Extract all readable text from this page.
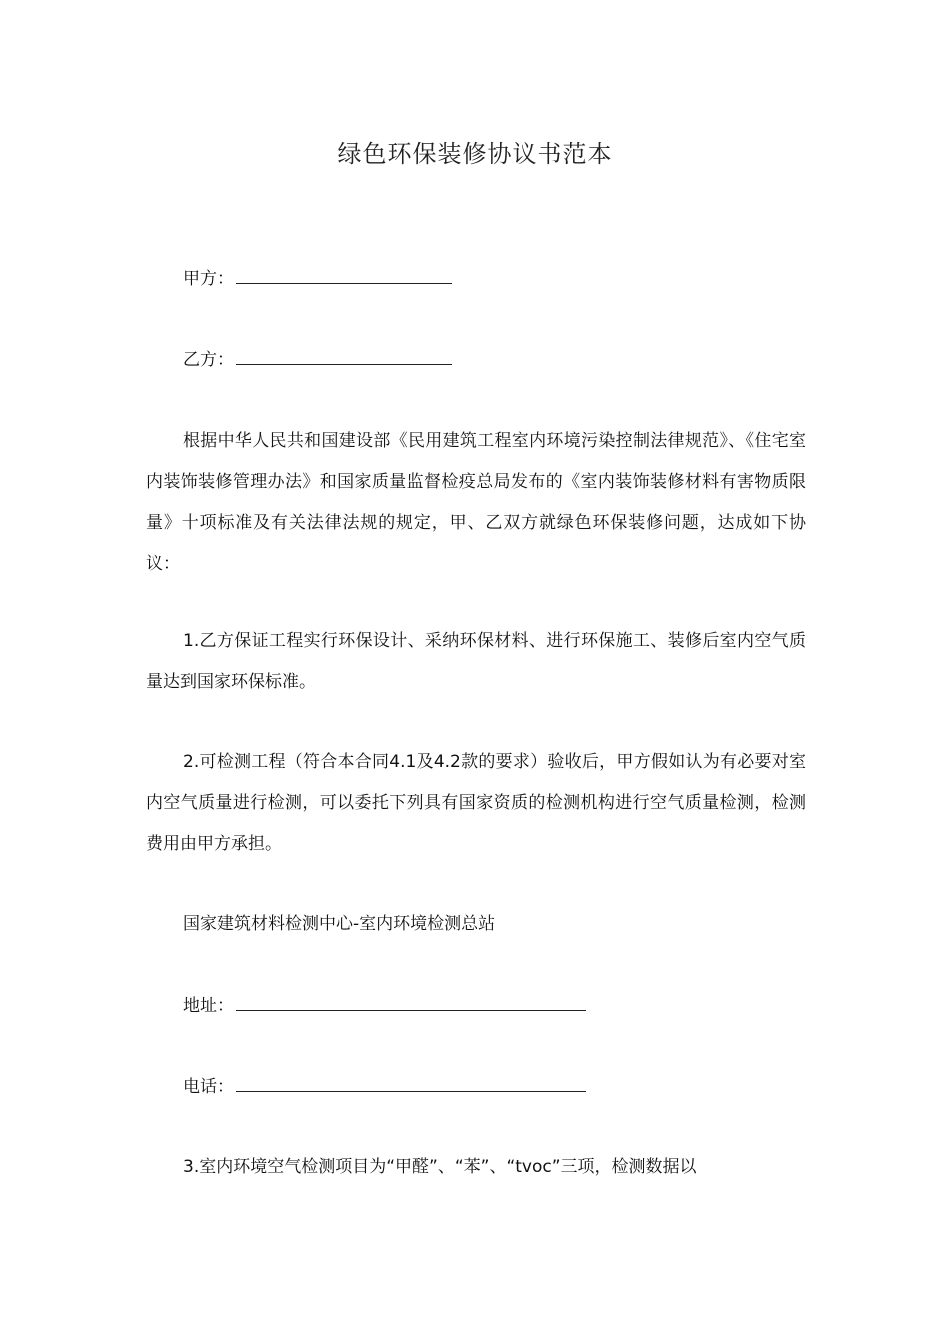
绿色环保装修协议书范本
甲方：
乙方：

根据中华人民共和国建设部《民用建筑工程室内环境污染控制法律规范》、《住宅室内装饰装修管理办法》和国家质量监督检疫总局发布的《室内装饰装修材料有害物质限量》十项标准及有关法律法规的规定，甲、乙双方就绿色环保装修问题，达成如下协议：

1.乙方保证工程实行环保设计、采纳环保材料、进行环保施工、装修后室内空气质量达到国家环保标准。

2.可检测工程（符合本合同4.1及4.2款的要求）验收后，甲方假如认为有必要对室内空气质量进行检测，可以委托下列具有国家资质的检测机构进行空气质量检测，检测费用由甲方承担。

国家建筑材料检测中心-室内环境检测总站
地址：
电话：

3.室内环境空气检测项目为“甲醛”、“苯”、“tvoc”三项，检测数据以
